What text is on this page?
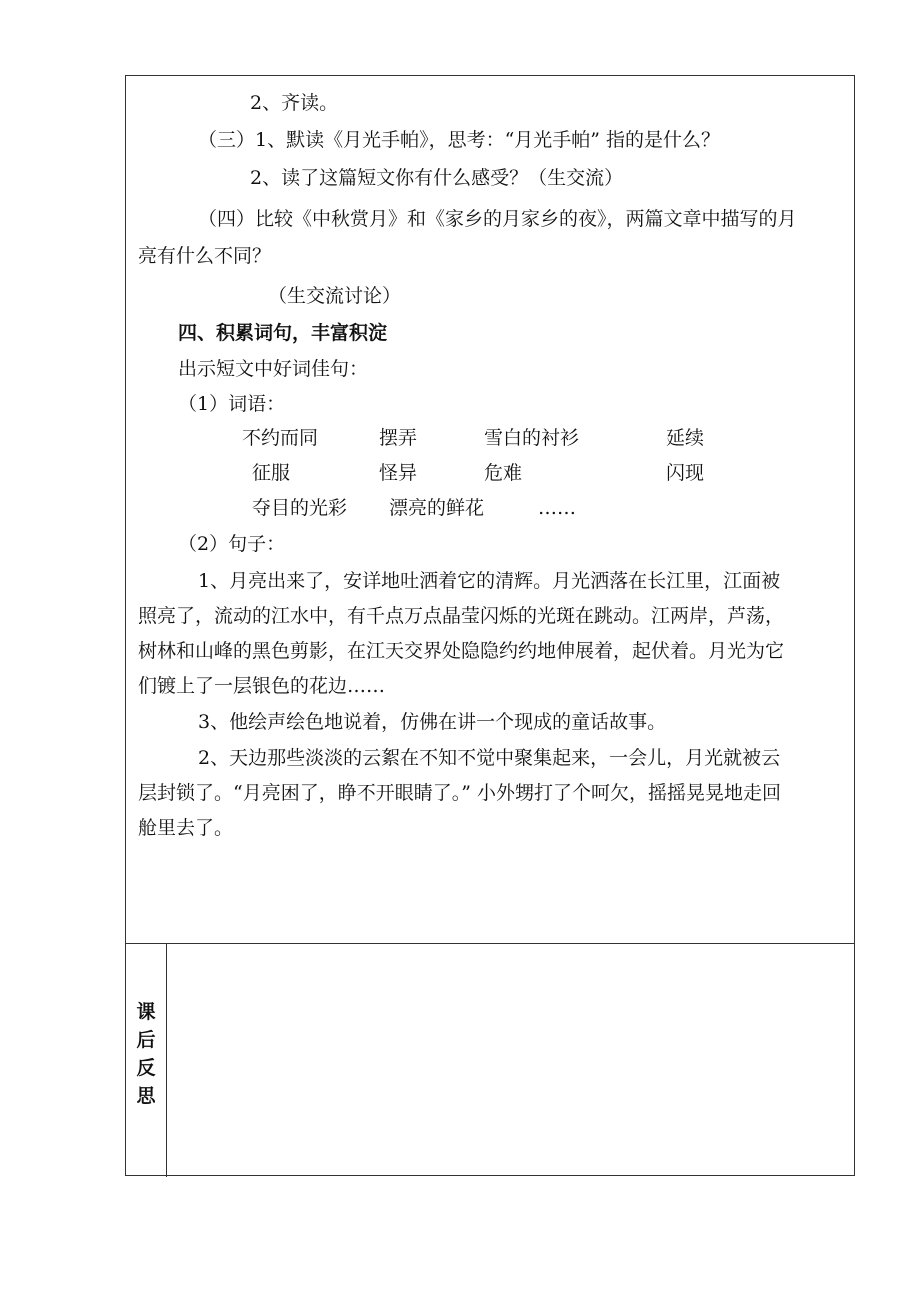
2、齐读。
（三）1、默读《月光手帕》，思考：“月光手帕” 指的是什么？
2、读了这篇短文你有什么感受？（生交流）
（四）比较《中秋赏月》和《家乡的月家乡的夜》，两篇文章中描写的月
亮有什么不同？
（生交流讨论）
四、积累词句，丰富积淀
出示短文中好词佳句：
（1）词语：
不约而同	摆弄	雪白的衬衫	延续
征服	怪异	危难	闪现
夺目的光彩 漂亮的鲜花	……
（2）句子：
1、月亮出来了，安详地吐洒着它的清辉。月光洒落在长江里，江面被
照亮了，流动的江水中，有千点万点晶莹闪烁的光斑在跳动。江两岸，芦荡，
树林和山峰的黑色剪影，在江天交界处隐隐约约地伸展着，起伏着。月光为它
们镀上了一层银色的花边……
3、他绘声绘色地说着，仿佛在讲一个现成的童话故事。
2、天边那些淡淡的云絮在不知不觉中聚集起来，一会儿，月光就被云
层封锁了。“月亮困了，睁不开眼睛了。” 小外甥打了个呵欠，摇摇晃晃地走回
舱里去了。
课
后
反
思
